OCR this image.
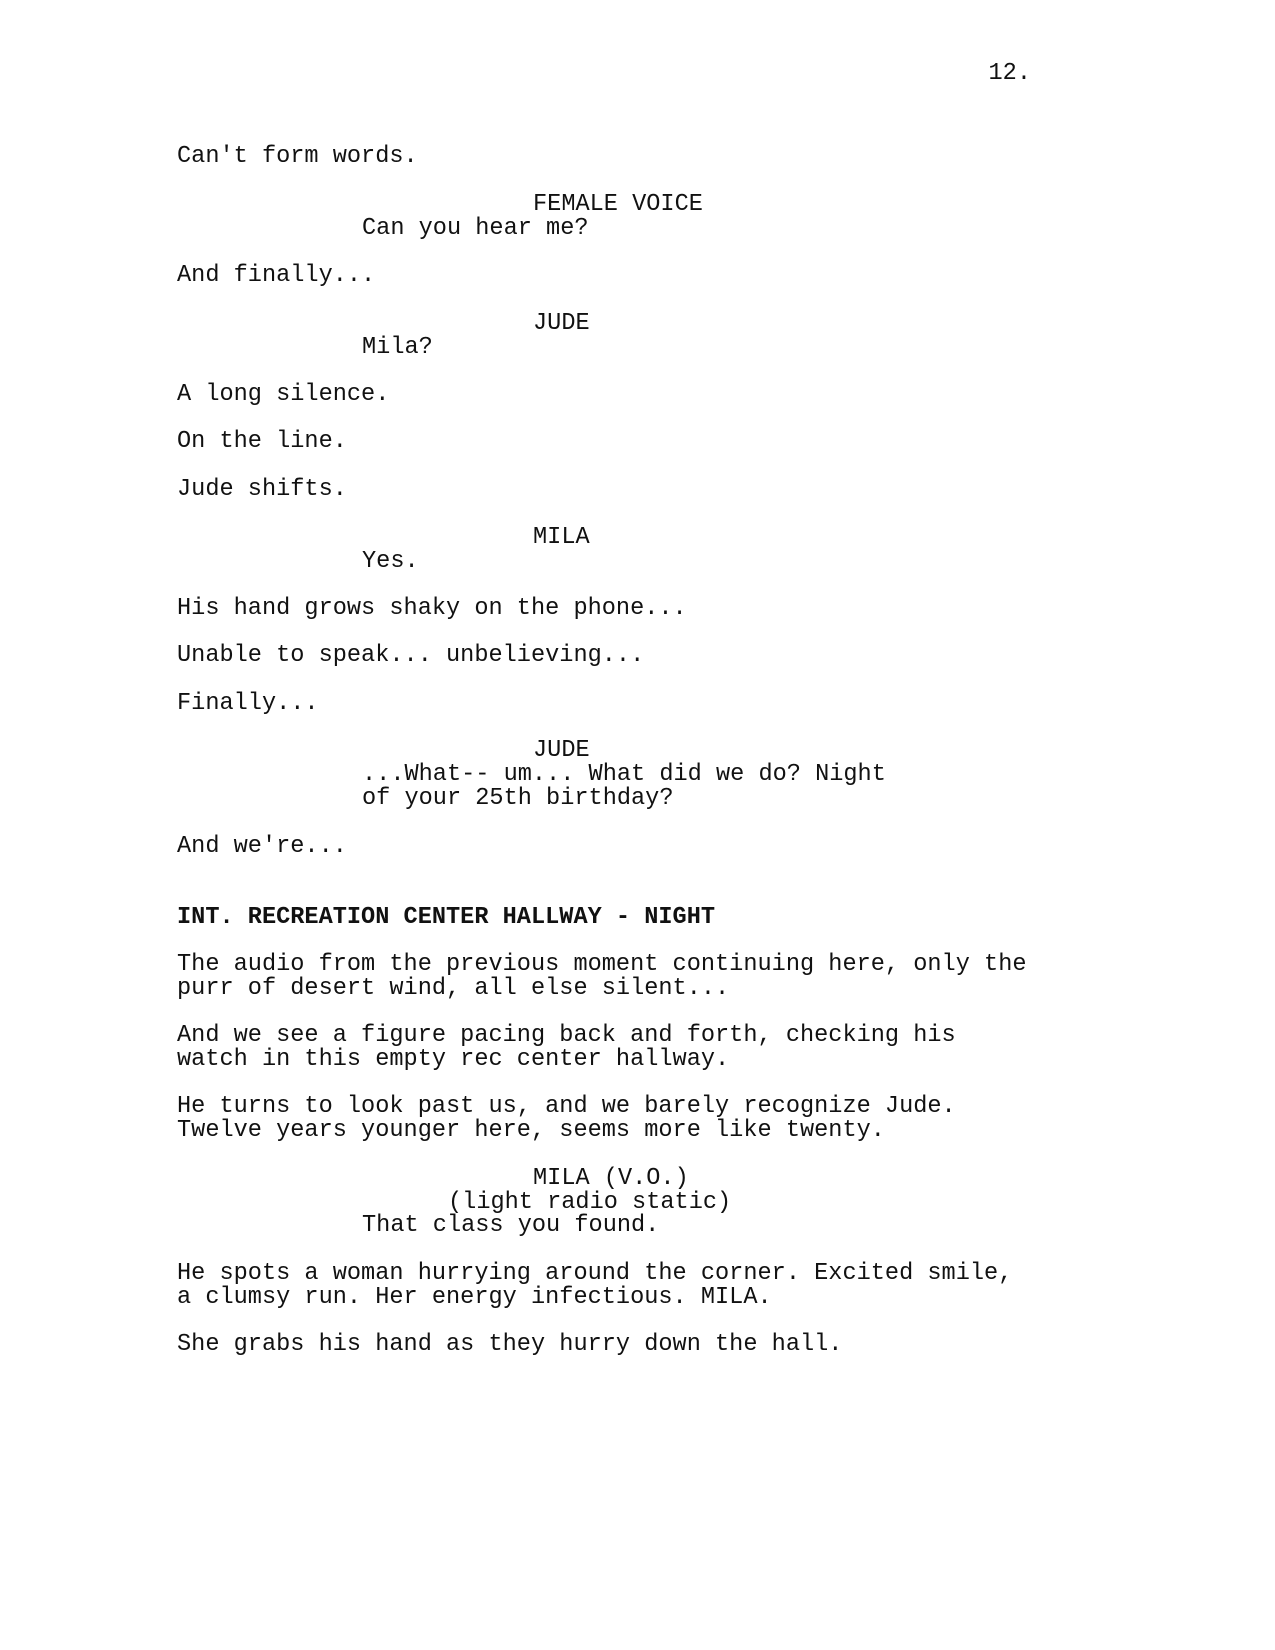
12.
Can't form words.
FEMALE VOICE
Can you hear me?
And finally...
JUDE
Mila?
A long silence.
On the line.
Jude shifts.
MILA
Yes.
His hand grows shaky on the phone...
Unable to speak... unbelieving...
Finally...
JUDE
...What-- um... What did we do? Night
of your 25th birthday?
And we're...
INT. RECREATION CENTER HALLWAY - NIGHT
The audio from the previous moment continuing here, only the
purr of desert wind, all else silent...
And we see a figure pacing back and forth, checking his
watch in this empty rec center hallway.
He turns to look past us, and we barely recognize Jude.
Twelve years younger here, seems more like twenty.
MILA (V.O.)
(light radio static)
That class you found.
He spots a woman hurrying around the corner. Excited smile,
a clumsy run. Her energy infectious. MILA.
She grabs his hand as they hurry down the hall.
